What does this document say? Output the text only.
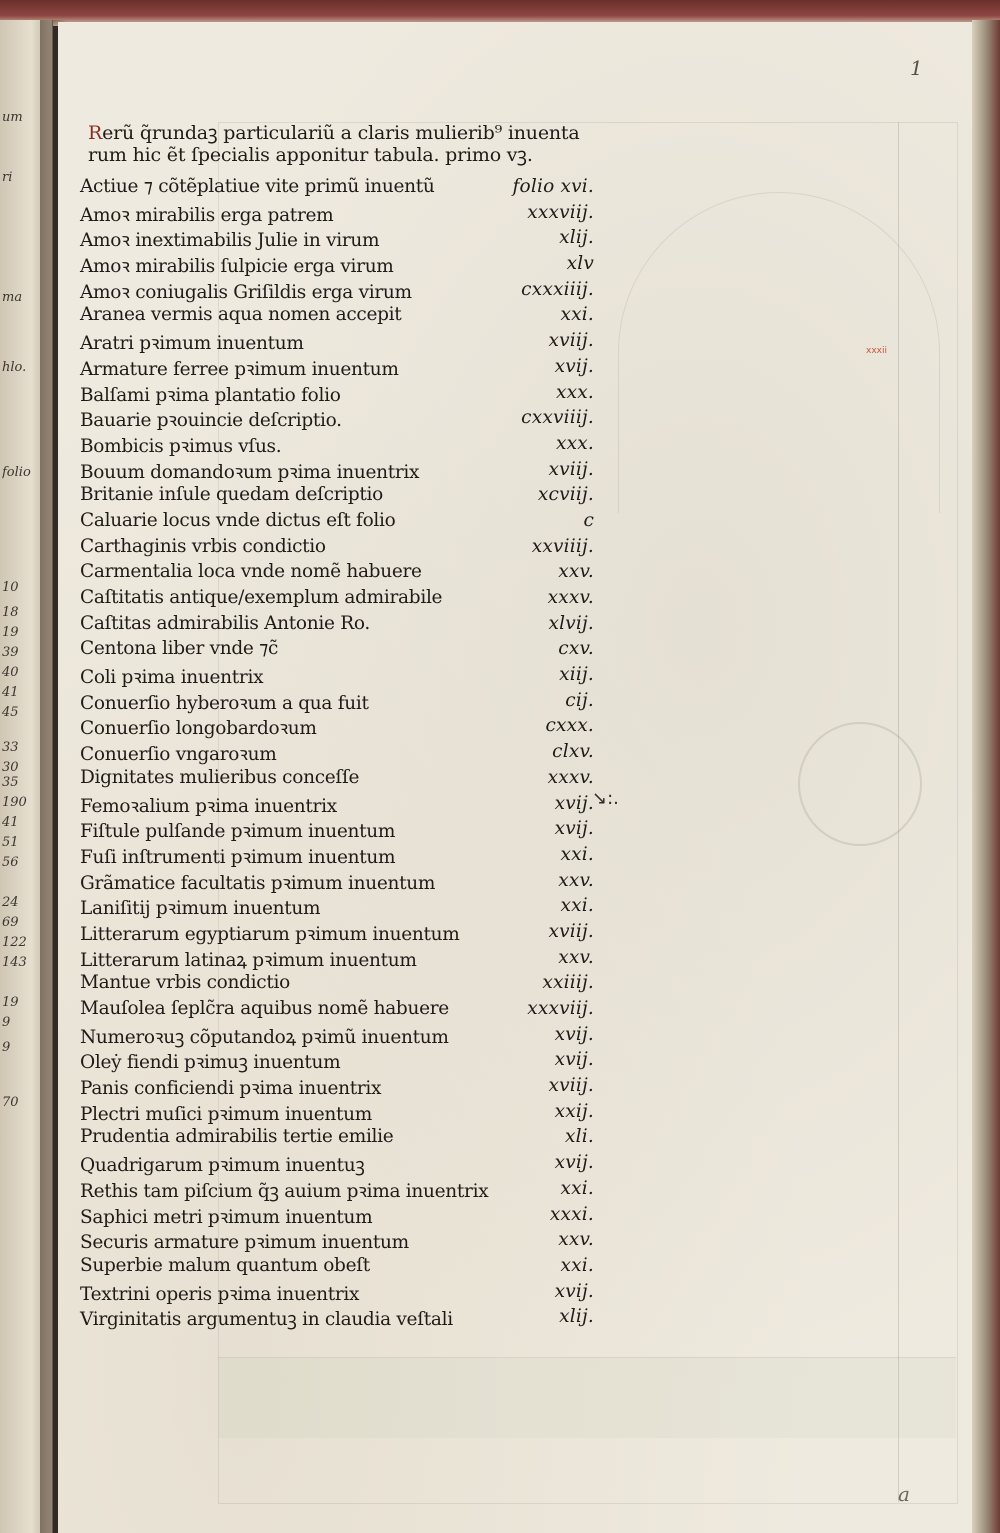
um
ri
ma
hlo.
folio
10
18
19
39
40
41
45
33
30
35
190
41
51
56
24
69
122
143
19
9
9
70
1
xxxii
↘:.
a
Rerũ q̃rundaꝫ particulariũ a claris mulierib⁹ inuenta
rum hic ẽt ſpecialis apponitur tabula. primo vꝫ.
Actiue ⁊ cõtẽplatiue vite primũ inuentũ	folio xvi.
Amoꝛ mirabilis erga patrem	xxxviij.
Amoꝛ inextimabilis Julie in virum	xlij.
Amoꝛ mirabilis ſulpicie erga virum	xlv
Amoꝛ coniugalis Griſildis erga virum	cxxxiiij.
Aranea vermis aqua nomen accepit	xxi.
Aratri pꝛimum inuentum	xviij.
Armature ferree pꝛimum inuentum	xvij.
Balſami pꝛima plantatio folio	xxx.
Bauarie pꝛouincie deſcriptio.	cxxviiij.
Bombicis pꝛimus vſus.	xxx.
Bouum domandoꝛum pꝛima inuentrix	xviij.
Britanie inſule quedam deſcriptio	xcviij.
Caluarie locus vnde dictus eſt folio	c
Carthaginis vrbis condictio	xxviiij.
Carmentalia loca vnde nomẽ habuere	xxv.
Caſtitatis antique/exemplum admirabile	xxxv.
Caſtitas admirabilis Antonie Ro.	xlvij.
Centona liber vnde ⁊c̃	cxv.
Coli pꝛima inuentrix	xiij.
Conuerſio hyberoꝛum a qua fuit	cij.
Conuerſio longobardoꝛum	cxxx.
Conuerſio vngaroꝛum	clxv.
Dignitates mulieribus conceſſe	xxxv.
Femoꝛalium pꝛima inuentrix	xvij.
Fiſtule pulſande pꝛimum inuentum	xvij.
Fuſi inſtrumenti pꝛimum inuentum	xxi.
Grãmatice facultatis pꝛimum inuentum	xxv.
Laniſitij pꝛimum inuentum	xxi.
Litterarum egyptiarum pꝛimum inuentum	xviij.
Litterarum latinaꝝ pꝛimum inuentum	xxv.
Mantue vrbis condictio	xxiiij.
Mauſolea ſeplc̃ra aquibus nomẽ habuere	xxxviij.
Numeroꝛuꝫ cõputandoꝝ pꝛimũ inuentum	xvij.
Oleẏ fiendi pꝛimuꝫ inuentum	xvij.
Panis conficiendi pꝛima inuentrix	xviij.
Plectri muſici pꝛimum inuentum	xxij.
Prudentia admirabilis tertie emilie	xli.
Quadrigarum pꝛimum inuentuꝫ	xvij.
Rethis tam piſcium q̃ꝫ auium pꝛima inuentrix	xxi.
Saphici metri pꝛimum inuentum	xxxi.
Securis armature pꝛimum inuentum	xxv.
Superbie malum quantum obeſt	xxi.
Textrini operis pꝛima inuentrix	xvij.
Virginitatis argumentuꝫ in claudia veſtali	xlij.
